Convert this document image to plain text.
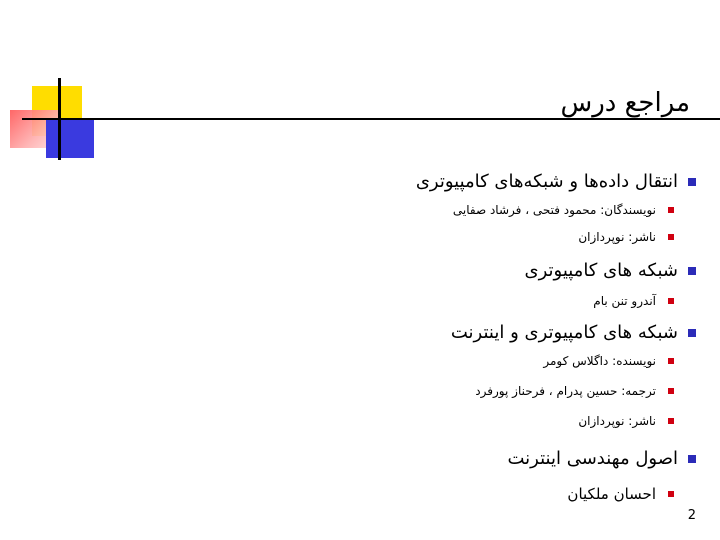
مراجع درس
انتقال داده‌ها و شبکه‌های کامپیوتری
نویسندگان: محمود فتحی ، فرشاد صفایی
ناشر: نوپردازان
شبکه های کامپیوتری
آندرو تنن بام
شبکه های کامپیوتری و اینترنت
نویسنده: داگلاس کومر
ترجمه: حسین پدرام ، فرحناز پورفرد
ناشر: نوپردازان
اصول مهندسی اینترنت
احسان ملکیان
2
